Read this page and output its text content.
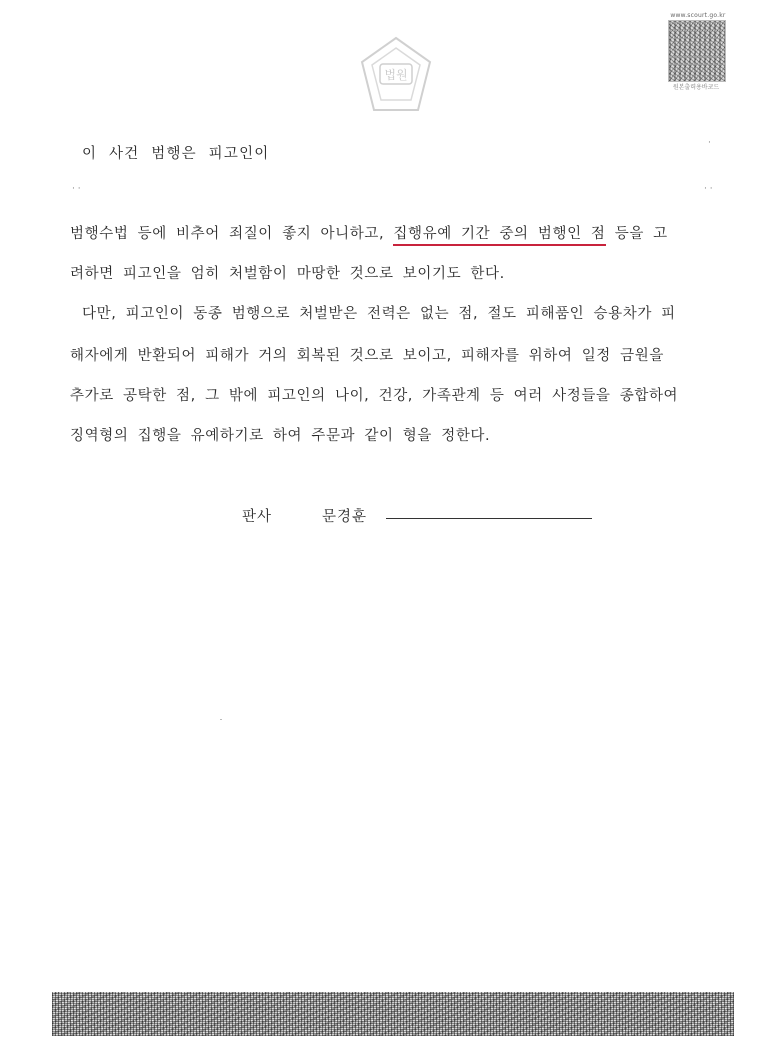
법원
www.scourt.go.kr
원본출력용바코드
이 사건 범행은 피고인이
·
· ·	· ·
범행수법 등에 비추어 죄질이 좋지 아니하고, 집행유예 기간 중의 범행인 점 등을 고
려하면 피고인을 엄히 처벌함이 마땅한 것으로 보이기도 한다.
다만, 피고인이 동종 범행으로 처벌받은 전력은 없는 점, 절도 피해품인 승용차가 피
해자에게 반환되어 피해가 거의 회복된 것으로 보이고, 피해자를 위하여 일정 금원을
추가로 공탁한 점, 그 밖에 피고인의 나이, 건강, 가족관계 등 여러 사정들을 종합하여
징역형의 집행을 유예하기로 하여 주문과 같이 형을 정한다.
판사	문경훈
